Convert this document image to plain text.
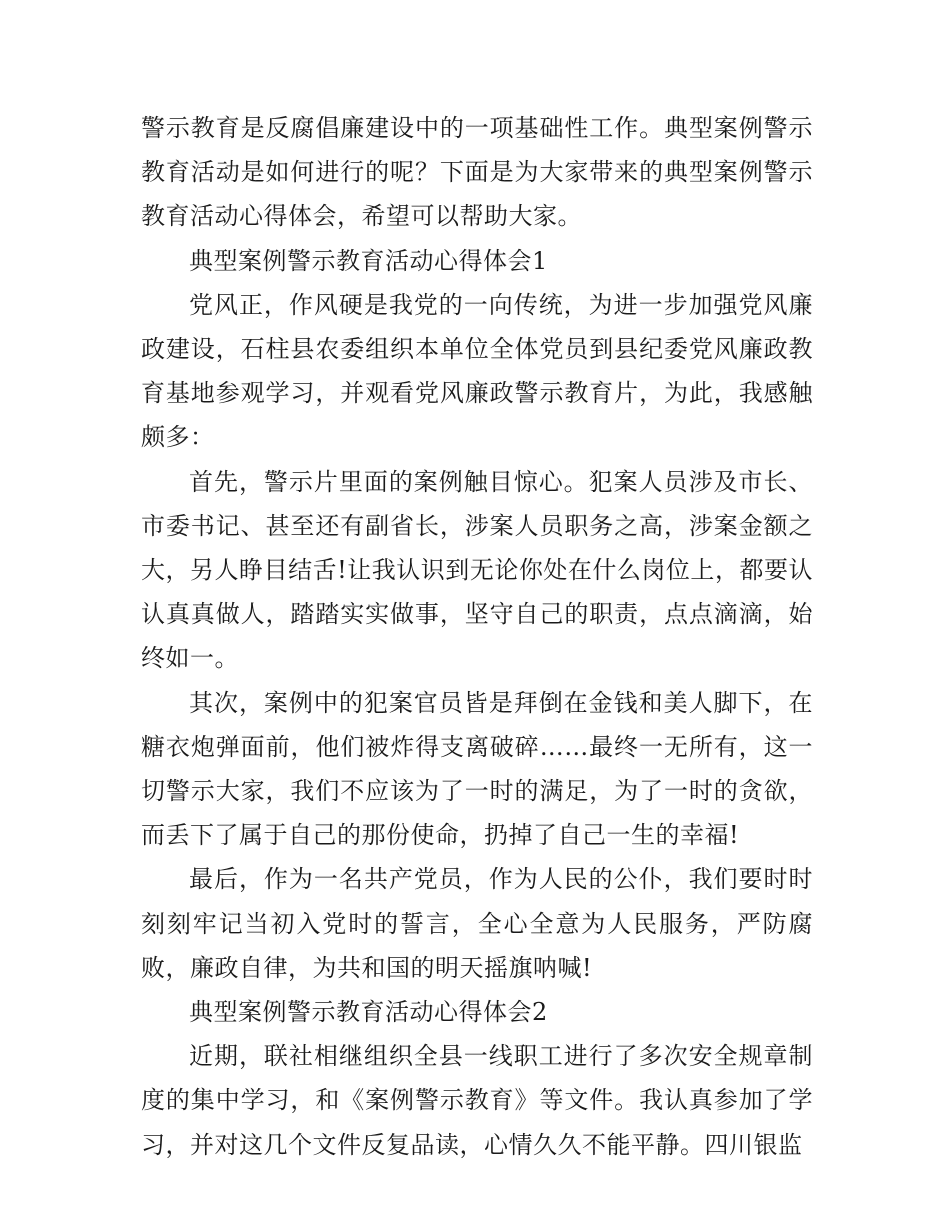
警示教育是反腐倡廉建设中的一项基础性工作。典型案例警示教育活动是如何进行的呢？下面是为大家带来的典型案例警示教育活动心得体会，希望可以帮助大家。

典型案例警示教育活动心得体会1

党风正，作风硬是我党的一向传统，为进一步加强党风廉政建设，石柱县农委组织本单位全体党员到县纪委党风廉政教育基地参观学习，并观看党风廉政警示教育片，为此，我感触颇多：

首先，警示片里面的案例触目惊心。犯案人员涉及市长、市委书记、甚至还有副省长，涉案人员职务之高，涉案金额之大，另人睁目结舌!让我认识到无论你处在什么岗位上，都要认认真真做人，踏踏实实做事，坚守自己的职责，点点滴滴，始终如一。

其次，案例中的犯案官员皆是拜倒在金钱和美人脚下，在糖衣炮弹面前，他们被炸得支离破碎……最终一无所有，这一切警示大家，我们不应该为了一时的满足，为了一时的贪欲，而丢下了属于自己的那份使命，扔掉了自己一生的幸福!

最后，作为一名共产党员，作为人民的公仆，我们要时时刻刻牢记当初入党时的誓言，全心全意为人民服务，严防腐败，廉政自律，为共和国的明天摇旗呐喊!

典型案例警示教育活动心得体会2

近期，联社相继组织全县一线职工进行了多次安全规章制度的集中学习，和《案例警示教育》等文件。我认真参加了学习，并对这几个文件反复品读，心情久久不能平静。四川银监
